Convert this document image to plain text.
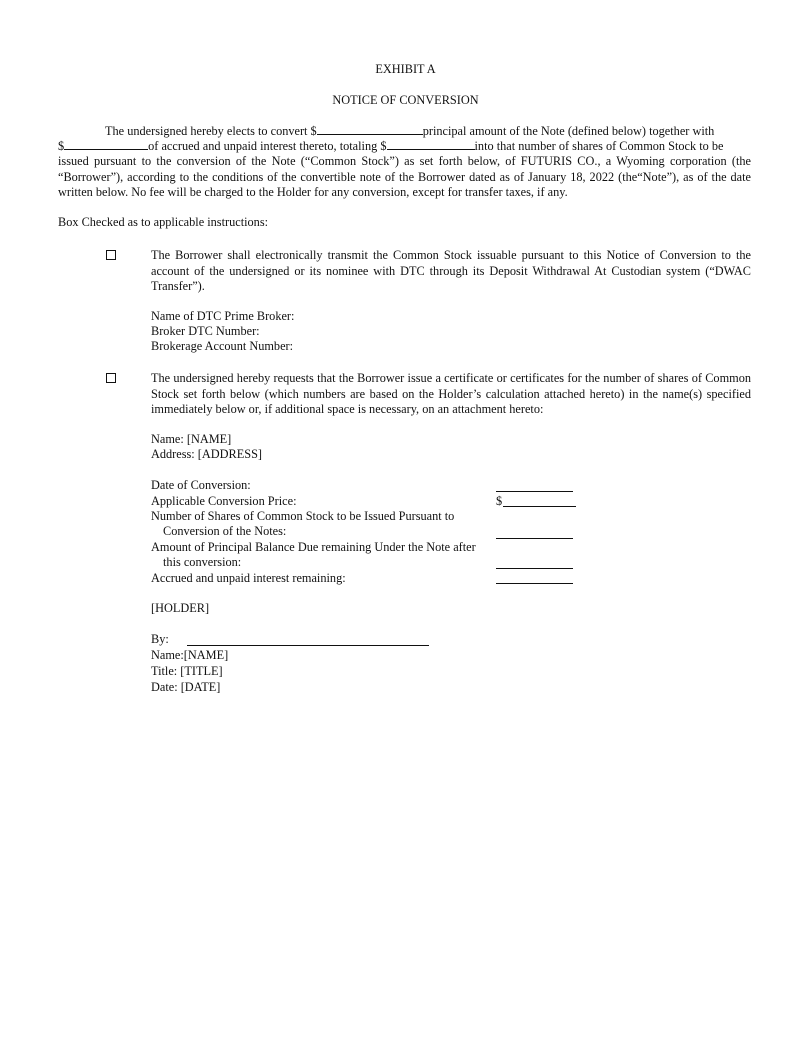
EXHIBIT A
NOTICE OF CONVERSION
The undersigned hereby elects to convert $	principal amount of the Note (defined below) together with
$	of accrued and unpaid interest thereto, totaling $	into that number of shares of Common Stock to be
issued pursuant to the conversion of the Note (“Common Stock”) as set forth below, of FUTURIS CO., a Wyoming corporation (the “Borrower”), according to the conditions of the convertible note of the Borrower dated as of January 18, 2022 (the“Note”), as of the date written below. No fee will be charged to the Holder for any conversion, except for transfer taxes, if any.
Box Checked as to applicable instructions:
The Borrower shall electronically transmit the Common Stock issuable pursuant to this Notice of Conversion to the account of the undersigned or its nominee with DTC through its Deposit Withdrawal At Custodian system (“DWAC Transfer”).
Name of DTC Prime Broker:
Broker DTC Number:
Brokerage Account Number:
The undersigned hereby requests that the Borrower issue a certificate or certificates for the number of shares of Common Stock set forth below (which numbers are based on the Holder’s calculation attached hereto) in the name(s) specified immediately below or, if additional space is necessary, on an attachment hereto:
Name: [NAME]
Address: [ADDRESS]
Date of Conversion:
Applicable Conversion Price:	$
Number of Shares of Common Stock to be Issued Pursuant to
Conversion of the Notes:
Amount of Principal Balance Due remaining Under the Note after
this conversion:
Accrued and unpaid interest remaining:
[HOLDER]
By:
Name:[NAME]
Title: [TITLE]
Date: [DATE]
